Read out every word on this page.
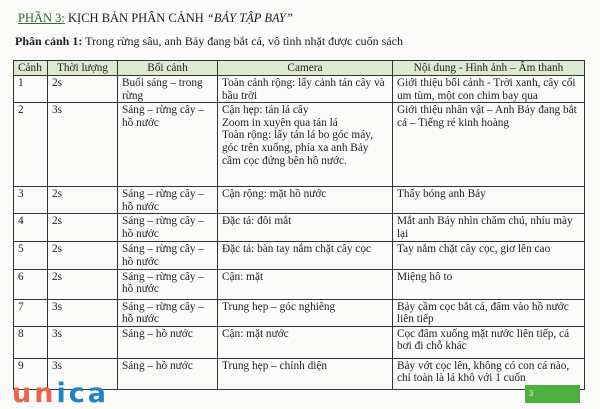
PHẦN 3: KỊCH BẢN PHÂN CẢNH “BẢY TẬP BAY”
Phân cảnh 1: Trong rừng sâu, anh Bảy đang bắt cá, vô tình nhặt được cuốn sách
Cảnh	Thời lượng	Bối cảnh	Camera	Nội dung - Hình ảnh – Âm thanh
1	2s	Buổi sáng – trong rừng	Toàn cảnh rộng: lấy cảnh tán cây và bầu trời	Giới thiệu bối cảnh - Trời xanh, cây cối um tùm, một con chim bay qua
2	3s	Sáng – rừng cây – hồ nước	Cận hẹp: tán lá cây
Zoom in xuyên qua tán lá
Toàn rộng: lấy tán lá bo góc máy, góc trên xuống, phía xa anh Bảy cầm cọc đứng bên hồ nước.	Giới thiệu nhân vật – Anh Bảy đang bắt cá – Tiếng ré kinh hoàng
3	2s	Sáng – rừng cây – hồ nước	Cận rộng: mặt hồ nước	Thấy bóng anh Bảy
4	2s	Sáng – rừng cây – hồ nước	Đặc tả: đôi mắt	Mắt anh Bảy nhìn chăm chú, nhíu mày lại
5	2s	Sáng – rừng cây – hồ nước	Đặc tả: bàn tay nắm chặt cây cọc	Tay nắm chặt cây cọc, giơ lên cao
6	2s	Sáng – rừng cây – hồ nước	Cận: mặt	Miệng hô to
7	3s	Sáng – rừng cây – hồ nước	Trung hẹp – góc nghiêng	Bảy cầm cọc bắt cá, đâm vào hồ nước liên tiếp
8	3s	Sáng – hồ nước	Cận: mặt nước	Cọc đâm xuống mặt nước liên tiếp, cá bơi đi chỗ khác
9	3s	Sáng – hồ nước	Trung hẹp – chính diện	Bảy vớt cọc lên, không có con cá nào, chỉ toàn là lá khô với 1 cuốn
unica	3
